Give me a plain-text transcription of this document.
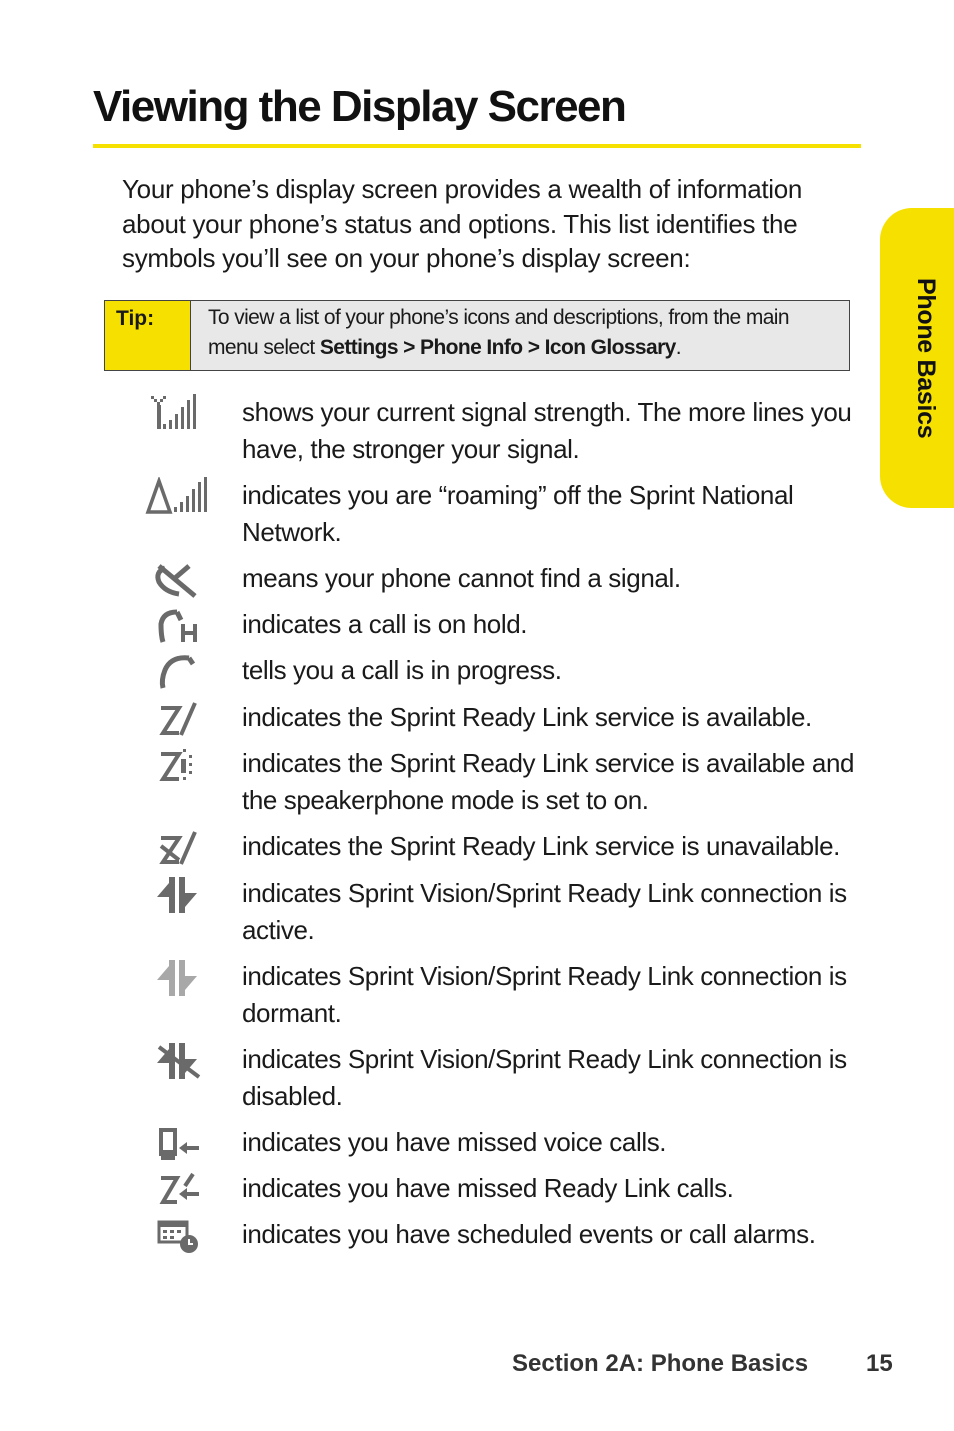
Viewing the Display Screen

Your phone’s display screen provides a wealth of information about your phone’s status and options. This list identifies the symbols you’ll see on your phone’s display screen:

Tip:	To view a list of your phone’s icons and descriptions, from the main menu select Settings > Phone Info > Icon Glossary.
shows your current signal strength. The more lines you have, the stronger your signal.
indicates you are “roaming” off the Sprint National Network.
means your phone cannot find a signal.
indicates a call is on hold.
tells you a call is in progress.
indicates the Sprint Ready Link service is available.
indicates the Sprint Ready Link service is available and the speakerphone mode is set to on.
indicates the Sprint Ready Link service is unavailable.
indicates Sprint Vision/Sprint Ready Link connection is active.
indicates Sprint Vision/Sprint Ready Link connection is dormant.
indicates Sprint Vision/Sprint Ready Link connection is disabled.
indicates you have missed voice calls.
indicates you have missed Ready Link calls.
indicates you have scheduled events or call alarms.
Phone Basics
Section 2A: Phone Basics 15
